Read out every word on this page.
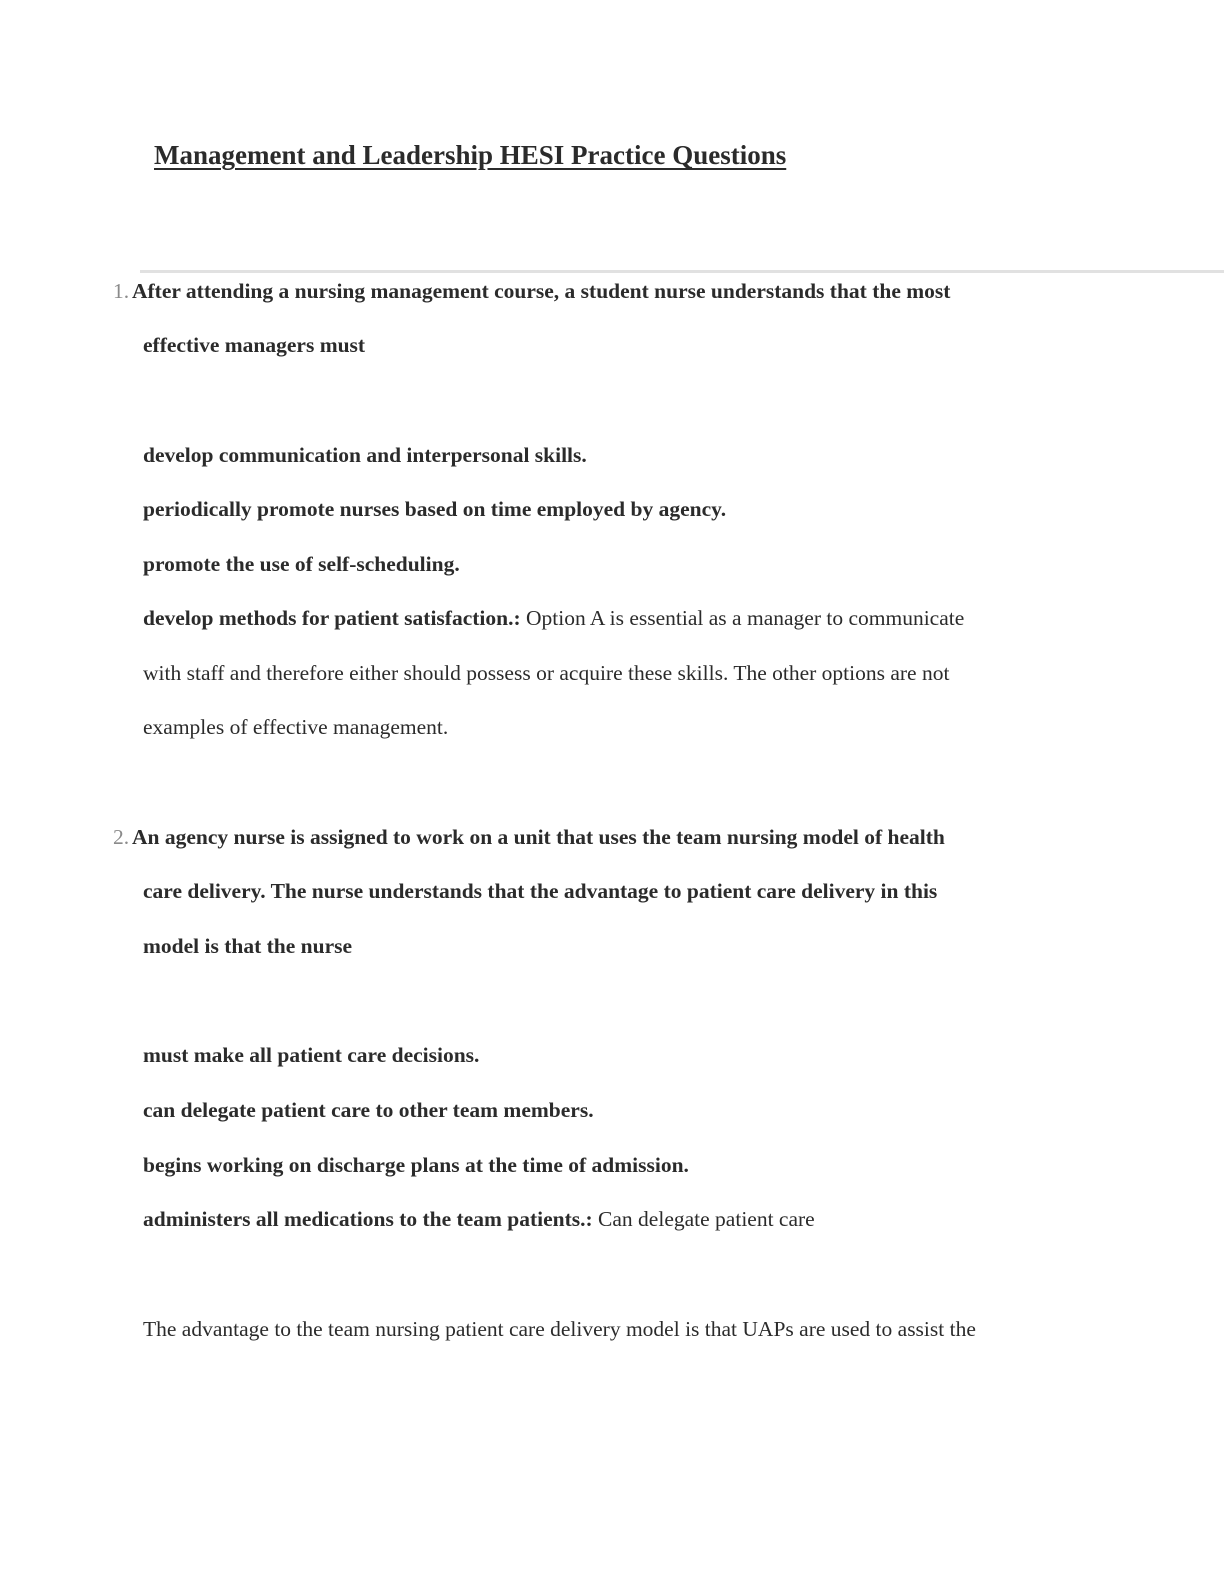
Management and Leadership HESI Practice Questions
1. After attending a nursing management course, a student nurse understands that the most
effective managers must
develop communication and interpersonal skills.
periodically promote nurses based on time employed by agency.
promote the use of self-scheduling.
develop methods for patient satisfaction.: Option A is essential as a manager to communicate
with staff and therefore either should possess or acquire these skills. The other options are not
examples of effective management.
2. An agency nurse is assigned to work on a unit that uses the team nursing model of health
care delivery. The nurse understands that the advantage to patient care delivery in this
model is that the nurse
must make all patient care decisions.
can delegate patient care to other team members.
begins working on discharge plans at the time of admission.
administers all medications to the team patients.: Can delegate patient care
The advantage to the team nursing patient care delivery model is that UAPs are used to assist the
